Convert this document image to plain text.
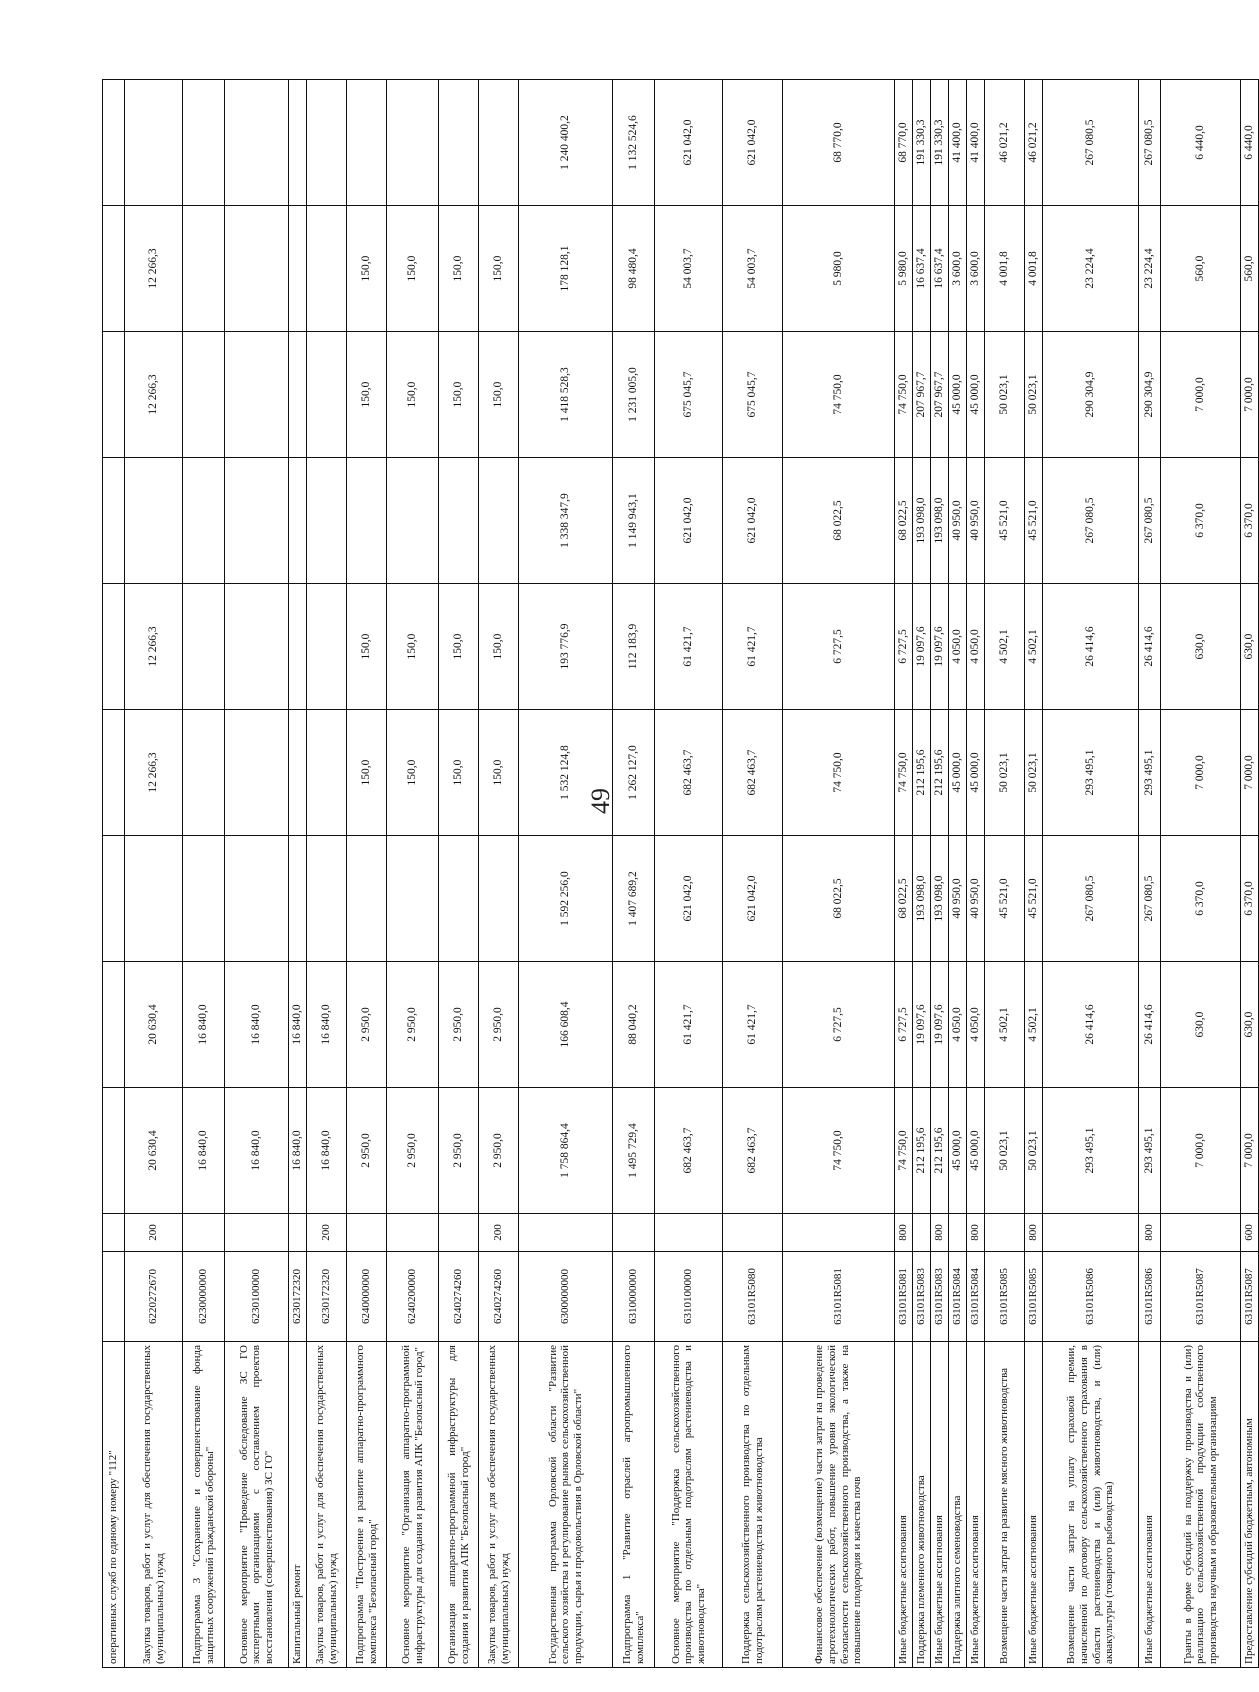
49
оперативных служб по единому номеру "112"											
Закупка товаров, работ и услуг для обеспечения государственных (муниципальных) нужд	6220272670	200	20 630,4	20 630,4		12 266,3	12 266,3		12 266,3	12 266,3	
Подпрограмма 3 "Сохранение и совершенствование фонда защитных сооружений гражданской обороны"	6230000000		16 840,0	16 840,0							
Основное мероприятие "Проведение обследование ЗС ГО экспертными организациями с составлением проектов восстановления (совершенствования) ЗС ГО"	6230100000		16 840,0	16 840,0							
Капитальный ремонт	6230172320		16 840,0	16 840,0							
Закупка товаров, работ и услуг для обеспечения государственных (муниципальных) нужд	6230172320	200	16 840,0	16 840,0							
Подпрограмма "Построение и развитие аппаратно-программного комплекса "Безопасный город"	6240000000		2 950,0	2 950,0		150,0	150,0		150,0	150,0	
Основное мероприятие "Организация аппаратно-программной инфраструктуры для создания и развития АПК "Безопасный город"	6240200000		2 950,0	2 950,0		150,0	150,0		150,0	150,0	
Организация аппаратно-программной инфраструктуры для создания и развития АПК "Безопасный город"	6240274260		2 950,0	2 950,0		150,0	150,0		150,0	150,0	
Закупка товаров, работ и услуг для обеспечения государственных (муниципальных) нужд	6240274260	200	2 950,0	2 950,0		150,0	150,0		150,0	150,0	
Государственная программа Орловской области "Развитие сельского хозяйства и регулирование рынков сельскохозяйственной продукции, сырья и продовольствия в Орловской области"	6300000000		1 758 864,4	166 608,4	1 592 256,0	1 532 124,8	193 776,9	1 338 347,9	1 418 528,3	178 128,1	1 240 400,2
Подпрограмма 1 "Развитие отраслей агропромышленного комплекса"	6310000000		1 495 729,4	88 040,2	1 407 689,2	1 262 127,0	112 183,9	1 149 943,1	1 231 005,0	98 480,4	1 132 524,6
Основное мероприятие "Поддержка сельскохозяйственного производства по отдельным подотраслям растениеводства и животноводства"	6310100000		682 463,7	61 421,7	621 042,0	682 463,7	61 421,7	621 042,0	675 045,7	54 003,7	621 042,0
Поддержка сельскохозяйственного производства по отдельным подотраслям растениеводства и животноводства	63101R5080		682 463,7	61 421,7	621 042,0	682 463,7	61 421,7	621 042,0	675 045,7	54 003,7	621 042,0
Финансовое обеспечение (возмещение) части затрат на проведение агротехнологических работ, повышение уровня экологической безопасности сельскохозяйственного производства, а также на повышение плодородия и качества почв	63101R5081		74 750,0	6 727,5	68 022,5	74 750,0	6 727,5	68 022,5	74 750,0	5 980,0	68 770,0
Иные бюджетные ассигнования	63101R5081	800	74 750,0	6 727,5	68 022,5	74 750,0	6 727,5	68 022,5	74 750,0	5 980,0	68 770,0
Поддержка племенного животноводства	63101R5083		212 195,6	19 097,6	193 098,0	212 195,6	19 097,6	193 098,0	207 967,7	16 637,4	191 330,3
Иные бюджетные ассигнования	63101R5083	800	212 195,6	19 097,6	193 098,0	212 195,6	19 097,6	193 098,0	207 967,7	16 637,4	191 330,3
Поддержка элитного семеноводства	63101R5084		45 000,0	4 050,0	40 950,0	45 000,0	4 050,0	40 950,0	45 000,0	3 600,0	41 400,0
Иные бюджетные ассигнования	63101R5084	800	45 000,0	4 050,0	40 950,0	45 000,0	4 050,0	40 950,0	45 000,0	3 600,0	41 400,0
Возмещение части затрат на развитие мясного животноводства	63101R5085		50 023,1	4 502,1	45 521,0	50 023,1	4 502,1	45 521,0	50 023,1	4 001,8	46 021,2
Иные бюджетные ассигнования	63101R5085	800	50 023,1	4 502,1	45 521,0	50 023,1	4 502,1	45 521,0	50 023,1	4 001,8	46 021,2
Возмещение части затрат на уплату страховой премии, начисленной по договору сельскохозяйственного страхования в области растениеводства и (или) животноводства, и (или) аквакультуры (товарного рыбоводства)	63101R5086		293 495,1	26 414,6	267 080,5	293 495,1	26 414,6	267 080,5	290 304,9	23 224,4	267 080,5
Иные бюджетные ассигнования	63101R5086	800	293 495,1	26 414,6	267 080,5	293 495,1	26 414,6	267 080,5	290 304,9	23 224,4	267 080,5
Гранты в форме субсидий на поддержку производства и (или) реализацию сельскохозяйственной продукции собственного производства научным и образовательным организациям	63101R5087		7 000,0	630,0	6 370,0	7 000,0	630,0	6 370,0	7 000,0	560,0	6 440,0
Предоставление субсидий бюджетным, автономным	63101R5087	600	7 000,0	630,0	6 370,0	7 000,0	630,0	6 370,0	7 000,0	560,0	6 440,0
